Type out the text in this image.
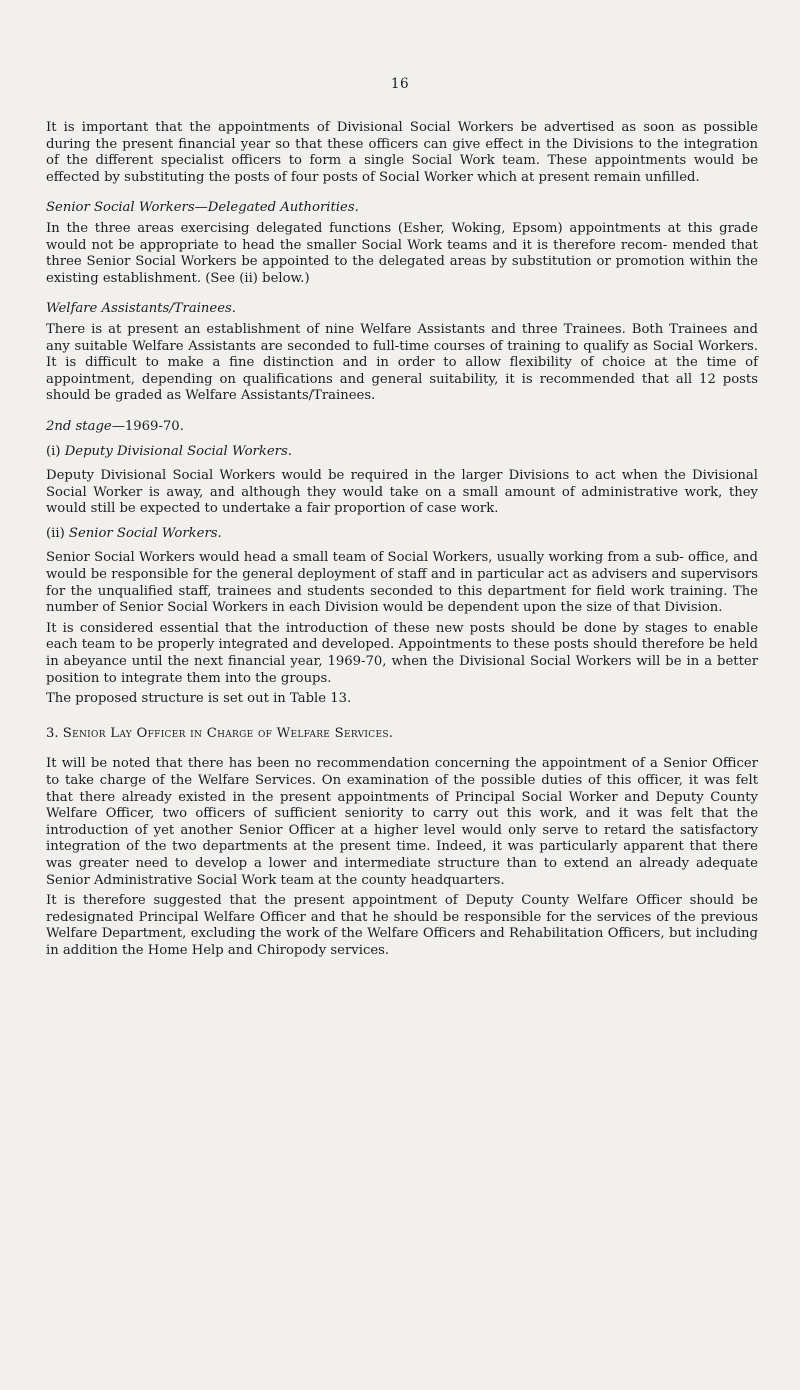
16

It is important that the appointments of Divisional Social Workers be advertised as soon as possible during the present financial year so that these officers can give effect in the Divisions to the integration of the different specialist officers to form a single Social Work team. These appointments would be effected by substituting the posts of four posts of Social Worker which at present remain unfilled.

Senior Social Workers—Delegated Authorities.

In the three areas exercising delegated functions (Esher, Woking, Epsom) appointments at this grade would not be appropriate to head the smaller Social Work teams and it is therefore recom- mended that three Senior Social Workers be appointed to the delegated areas by substitution or promotion within the existing establishment. (See (ii) below.)

Welfare Assistants/Trainees.

There is at present an establishment of nine Welfare Assistants and three Trainees. Both Trainees and any suitable Welfare Assistants are seconded to full-time courses of training to qualify as Social Workers. It is difficult to make a fine distinction and in order to allow flexibility of choice at the time of appointment, depending on qualifications and general suitability, it is recommended that all 12 posts should be graded as Welfare Assistants/Trainees.

2nd stage—1969-70.

(i) Deputy Divisional Social Workers.

Deputy Divisional Social Workers would be required in the larger Divisions to act when the Divisional Social Worker is away, and although they would take on a small amount of administrative work, they would still be expected to undertake a fair proportion of case work.

(ii) Senior Social Workers.

Senior Social Workers would head a small team of Social Workers, usually working from a sub- office, and would be responsible for the general deployment of staff and in particular act as advisers and supervisors for the unqualified staff, trainees and students seconded to this department for field work training. The number of Senior Social Workers in each Division would be dependent upon the size of that Division.

It is considered essential that the introduction of these new posts should be done by stages to enable each team to be properly integrated and developed. Appointments to these posts should therefore be held in abeyance until the next financial year, 1969-70, when the Divisional Social Workers will be in a better position to integrate them into the groups.

The proposed structure is set out in Table 13.

3. Senior Lay Officer in Charge of Welfare Services.

It will be noted that there has been no recommendation concerning the appointment of a Senior Officer to take charge of the Welfare Services. On examination of the possible duties of this officer, it was felt that there already existed in the present appointments of Principal Social Worker and Deputy County Welfare Officer, two officers of sufficient seniority to carry out this work, and it was felt that the introduction of yet another Senior Officer at a higher level would only serve to retard the satisfactory integration of the two departments at the present time. Indeed, it was particularly apparent that there was greater need to develop a lower and intermediate structure than to extend an already adequate Senior Administrative Social Work team at the county headquarters.

It is therefore suggested that the present appointment of Deputy County Welfare Officer should be redesignated Principal Welfare Officer and that he should be responsible for the services of the previous Welfare Department, excluding the work of the Welfare Officers and Rehabilitation Officers, but including in addition the Home Help and Chiropody services.
